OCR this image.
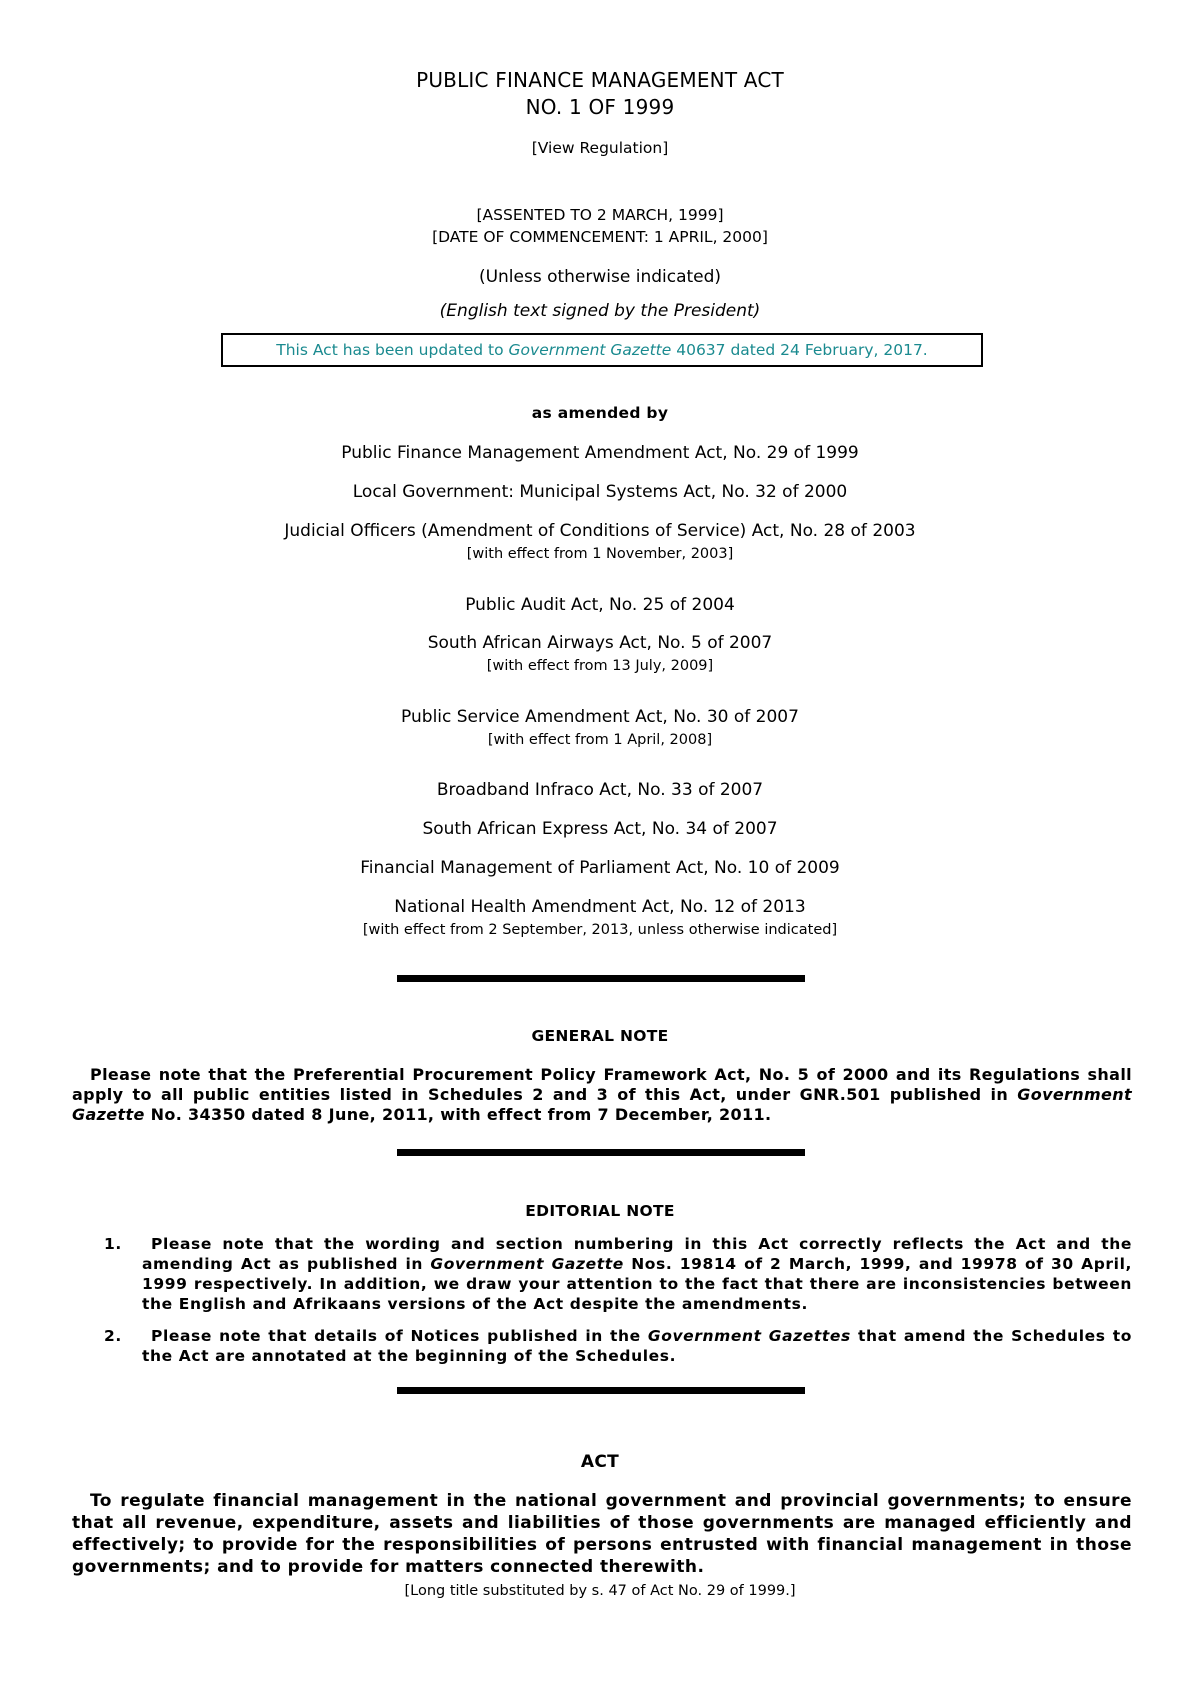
PUBLIC FINANCE MANAGEMENT ACT
NO. 1 OF 1999
[View Regulation]
[ASSENTED TO 2 MARCH, 1999]
[DATE OF COMMENCEMENT: 1 APRIL, 2000]
(Unless otherwise indicated)
(English text signed by the President)
This Act has been updated to Government Gazette 40637 dated 24 February, 2017.
as amended by
Public Finance Management Amendment Act, No. 29 of 1999
Local Government: Municipal Systems Act, No. 32 of 2000
Judicial Officers (Amendment of Conditions of Service) Act, No. 28 of 2003
[with effect from 1 November, 2003]
Public Audit Act, No. 25 of 2004
South African Airways Act, No. 5 of 2007
[with effect from 13 July, 2009]
Public Service Amendment Act, No. 30 of 2007
[with effect from 1 April, 2008]
Broadband Infraco Act, No. 33 of 2007
South African Express Act, No. 34 of 2007
Financial Management of Parliament Act, No. 10 of 2009
National Health Amendment Act, No. 12 of 2013
[with effect from 2 September, 2013, unless otherwise indicated]
GENERAL NOTE
Please note that the Preferential Procurement Policy Framework Act, No. 5 of 2000 and its Regulations shall apply to all public entities listed in Schedules 2 and 3 of this Act, under GNR.501 published in Government Gazette No. 34350 dated 8 June, 2011, with effect from 7 December, 2011.
EDITORIAL NOTE
1.	Please note that the wording and section numbering in this Act correctly reflects the Act and the amending Act as published in Government Gazette Nos. 19814 of 2 March, 1999, and 19978 of 30 April, 1999 respectively. In addition, we draw your attention to the fact that there are inconsistencies between the English and Afrikaans versions of the Act despite the amendments.
2.	Please note that details of Notices published in the Government Gazettes that amend the Schedules to the Act are annotated at the beginning of the Schedules.
ACT
To regulate financial management in the national government and provincial governments; to ensure that all revenue, expenditure, assets and liabilities of those governments are managed efficiently and effectively; to provide for the responsibilities of persons entrusted with financial management in those governments; and to provide for matters connected therewith.
[Long title substituted by s. 47 of Act No. 29 of 1999.]
